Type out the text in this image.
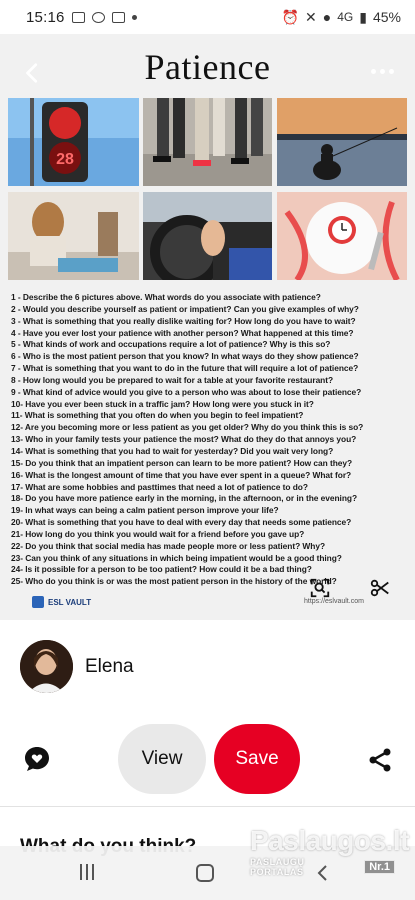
15:16	⏰ ✕ ● 4G ▮ 45%
Patience
28
1 - Describe the 6 pictures above. What words do you associate with patience?
2 - Would you describe yourself as patient or impatient? Can you give examples of why?
3 - What is something that you really dislike waiting for? How long do you have to wait?
4 - Have you ever lost your patience with another person? What happened at this time?
5 - What kinds of work and occupations require a lot of patience? Why is this so?
6 - Who is the most patient person that you know? In what ways do they show patience?
7 - What is something that you want to do in the future that will require a lot of patience?
8 - How long would you be prepared to wait for a table at your favorite restaurant?
9 - What kind of advice would you give to a person who was about to lose their patience?
10- Have you ever been stuck in a traffic jam? How long were you stuck in it?
11- What is something that you often do when you begin to feel impatient?
12- Are you becoming more or less patient as you get older? Why do you think this is so?
13- Who in your family tests your patience the most? What do they do that annoys you?
14- What is something that you had to wait for yesterday? Did you wait very long?
15- Do you think that an impatient person can learn to be more patient? How can they?
16- What is the longest amount of time that you have ever spent in a queue? What for?
17- What are some hobbies and pasttimes that need a lot of patience to do?
18- Do you have more patience early in the morning, in the afternoon, or in the evening?
19- In what ways can being a calm patient person improve your life?
20- What is something that you have to deal with every day that needs some patience?
21- How long do you think you would wait for a friend before you gave up?
22- Do you think that social media has made people more or less patient? Why?
23- Can you think of any situations in which being impatient would be a good thing?
24- Is it possible for a person to be too patient? How could it be a bad thing?
25- Who do you think is or was the most patient person in the history of the world?
ESL VAULT	https://eslvault.com
Elena
View	Save
Paslaugos.lt
PASLAUGŲ PORTALAS	Nr.1
